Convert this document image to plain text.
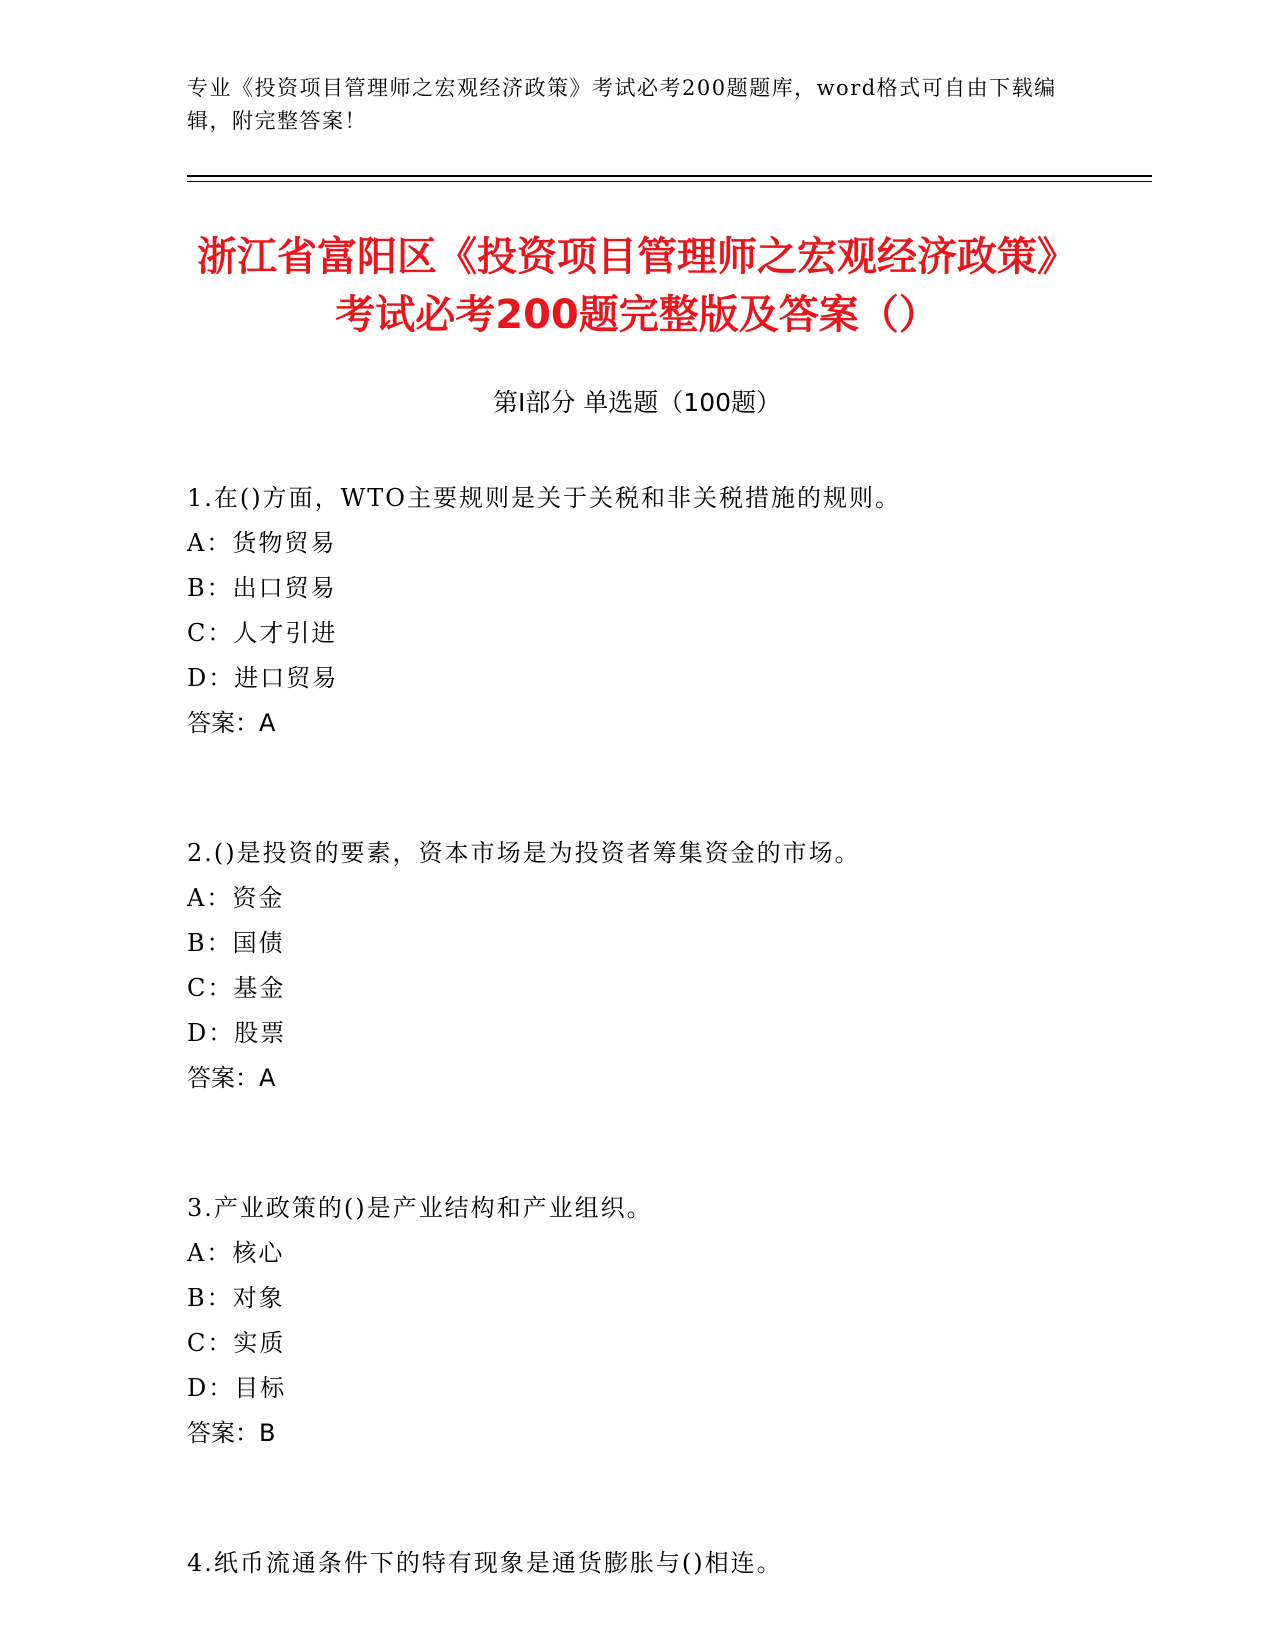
专业《投资项目管理师之宏观经济政策》考试必考200题题库，word格式可自由下载编辑，附完整答案！
浙江省富阳区《投资项目管理师之宏观经济政策》考试必考200题完整版及答案（）
第Ⅰ部分 单选题（100题）
1.在()方面，WTO主要规则是关于关税和非关税措施的规则。
A：货物贸易
B：出口贸易
C：人才引进
D：进口贸易
答案：A
2.()是投资的要素，资本市场是为投资者筹集资金的市场。
A：资金
B：国债
C：基金
D：股票
答案：A
3.产业政策的()是产业结构和产业组织。
A：核心
B：对象
C：实质
D：目标
答案：B
4.纸币流通条件下的特有现象是通货膨胀与()相连。
